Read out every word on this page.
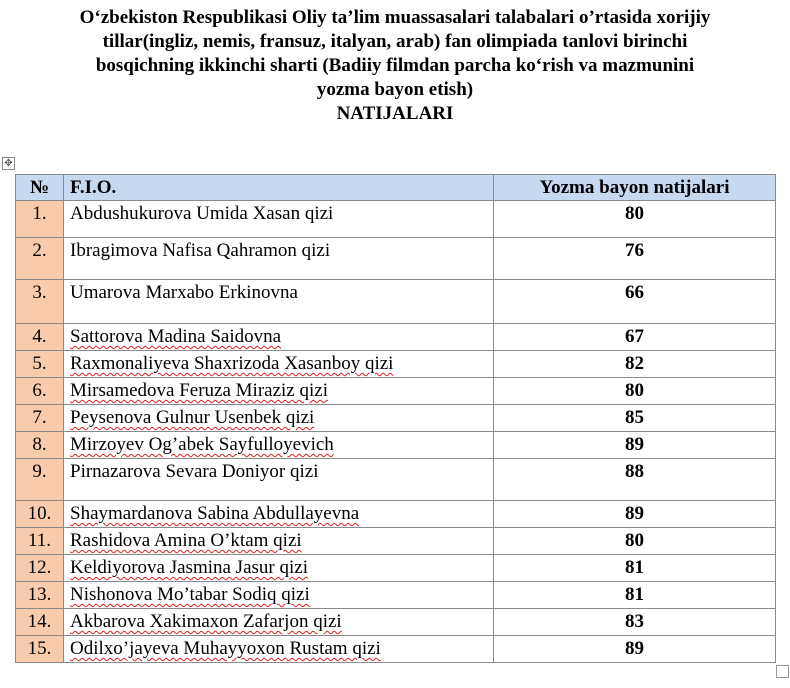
O‘zbekiston Respublikasi Oliy ta’lim muassasalari talabalari o’rtasida xorijiy
tillar(ingliz, nemis, fransuz, italyan, arab) fan olimpiada tanlovi birinchi
bosqichning ikkinchi sharti (Badiiy filmdan parcha ko‘rish va mazmunini
yozma bayon etish)
NATIJALARI
✥
№	F.I.O.	Yozma bayon natijalari

1.	Abdushukurova Umida Xasan qizi	80

2.	Ibragimova Nafisa Qahramon qizi	76

3.	Umarova Marxabo Erkinovna	66

4.	Sattorova Madina Saidovna	67

5.	Raxmonaliyeva Shaxrizoda Xasanboy qizi	82

6.	Mirsamedova Feruza Miraziz qizi	80

7.	Peysenova Gulnur Usenbek qizi	85

8.	Mirzoyev Og’abek Sayfulloyevich	89

9.	Pirnazarova Sevara Doniyor qizi	88

10.	Shaymardanova Sabina Abdullayevna	89

11.	Rashidova Amina O’ktam qizi	80

12.	Keldiyorova Jasmina Jasur qizi	81

13.	Nishonova Mo’tabar Sodiq qizi	81

14.	Akbarova Xakimaxon Zafarjon qizi	83

15.	Odilxo’jayeva Muhayyoxon Rustam qizi	89
